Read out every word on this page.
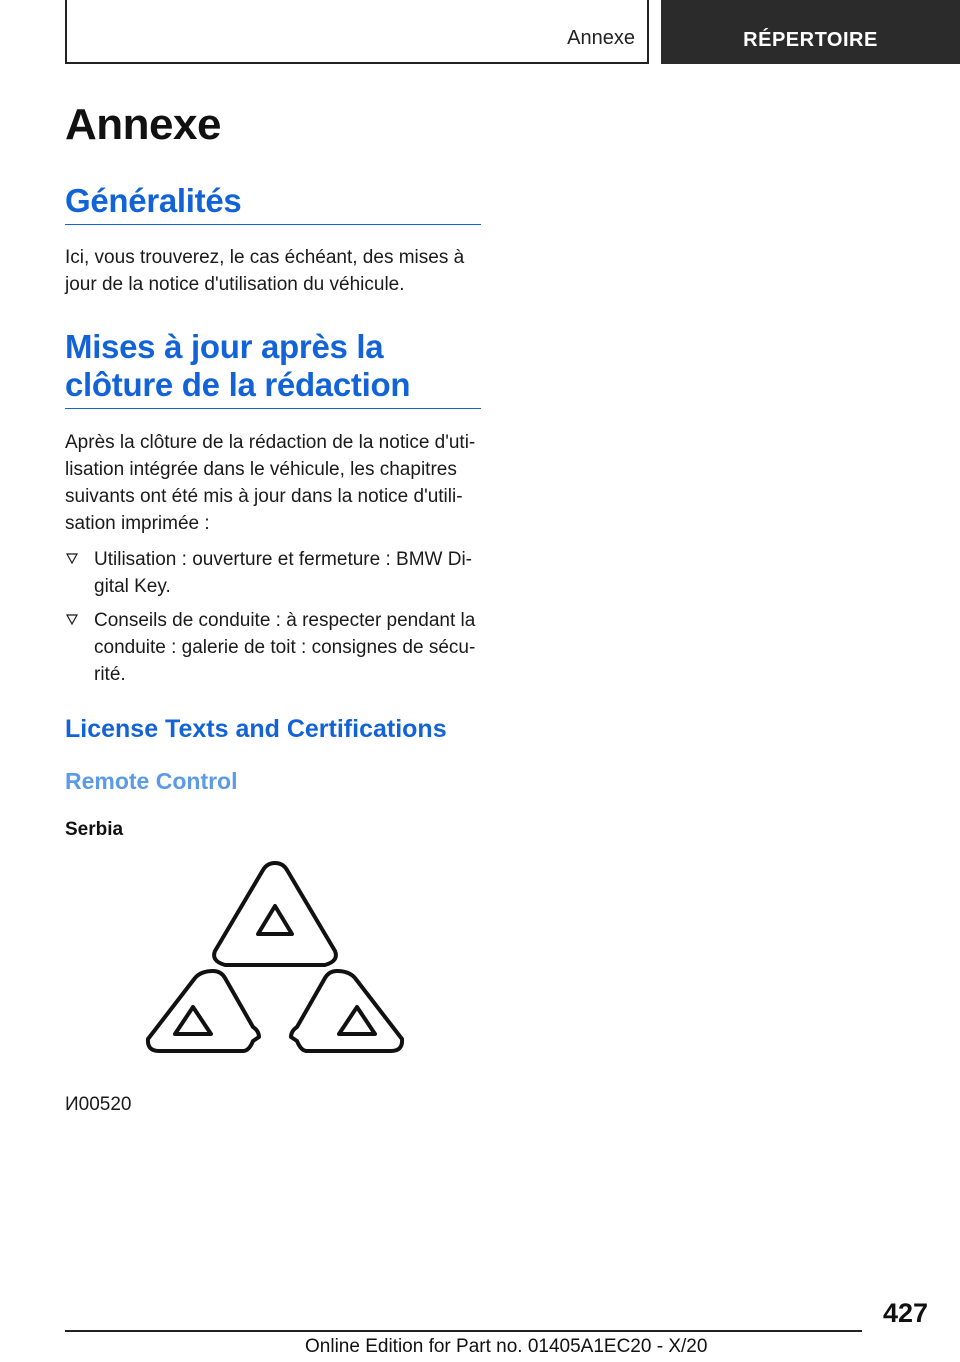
Annexe	RÉPERTOIRE
Annexe
Généralités

Ici, vous trouverez, le cas échéant, des mises à jour de la notice d'utilisation du véhicule.

Mises à jour après la
clôture de la rédaction

Après la clôture de la rédaction de la notice d'uti-lisation intégrée dans le véhicule, les chapitres suivants ont été mis à jour dans la notice d'utili-sation imprimée :

Utilisation : ouverture et fermeture : BMW Di-gital Key.
Conseils de conduite : à respecter pendant la conduite : galerie de toit : consignes de sécu-rité.
License Texts and Certifications
Remote Control
Serbia
И00520
427
Online Edition for Part no. 01405A1EC20 - X/20
